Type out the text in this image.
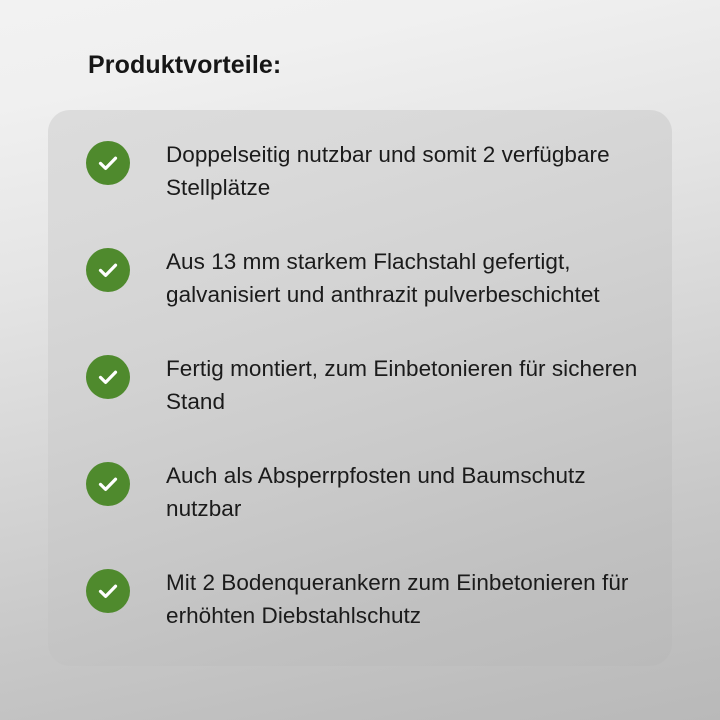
Produktvorteile:
Doppelseitig nutzbar und somit 2 verfügbare Stellplätze
Aus 13 mm starkem Flachstahl gefertigt, galvanisiert und anthrazit pulverbeschichtet
Fertig montiert, zum Einbetonieren für sicheren Stand
Auch als Absperrpfosten und Baumschutz nutzbar
Mit 2 Bodenquerankern zum Einbetonieren für erhöhten Diebstahlschutz
